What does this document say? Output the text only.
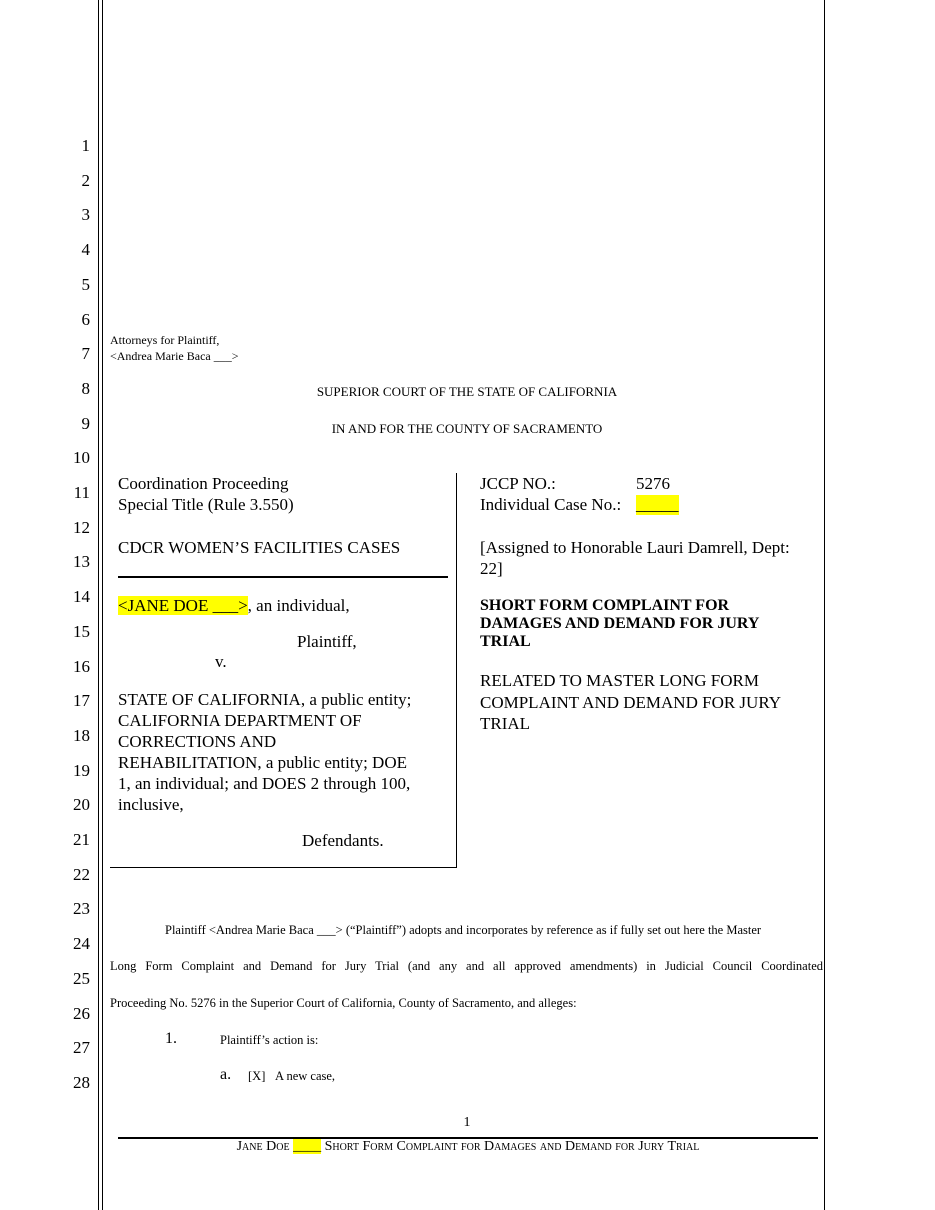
1
2
3
4
5
6
7
8
9
10
11
12
13
14
15
16
17
18
19
20
21
22
23
24
25
26
27
28
Attorneys for Plaintiff,
<Andrea Marie Baca ___>
SUPERIOR COURT OF THE STATE OF CALIFORNIA
IN AND FOR THE COUNTY OF SACRAMENTO
Coordination Proceeding
Special Title (Rule 3.550)
CDCR WOMEN’S FACILITIES CASES
<JANE DOE ___>, an individual,
Plaintiff,
v.
STATE OF CALIFORNIA, a public entity;
CALIFORNIA DEPARTMENT OF
CORRECTIONS AND
REHABILITATION, a public entity; DOE
1, an individual; and DOES 2 through 100,
inclusive,
Defendants.
JCCP NO.:	5276
Individual Case No.: _____
[Assigned to Honorable Lauri Damrell, Dept:
22]
SHORT FORM COMPLAINT FOR
DAMAGES AND DEMAND FOR JURY
TRIAL
RELATED TO MASTER LONG FORM
COMPLAINT AND DEMAND FOR JURY
TRIAL
Plaintiff <Andrea Marie Baca ___> (“Plaintiff”) adopts and incorporates by reference as if fully set out here the Master
Long Form Complaint and Demand for Jury Trial (and any and all approved amendments) in Judicial Council Coordinated
Proceeding No. 5276 in the Superior Court of California, County of Sacramento, and alleges:
1.	Plaintiff’s action is:
a. [X] A new case,
1
Jane Doe ____ Short Form Complaint for Damages and Demand for Jury Trial
